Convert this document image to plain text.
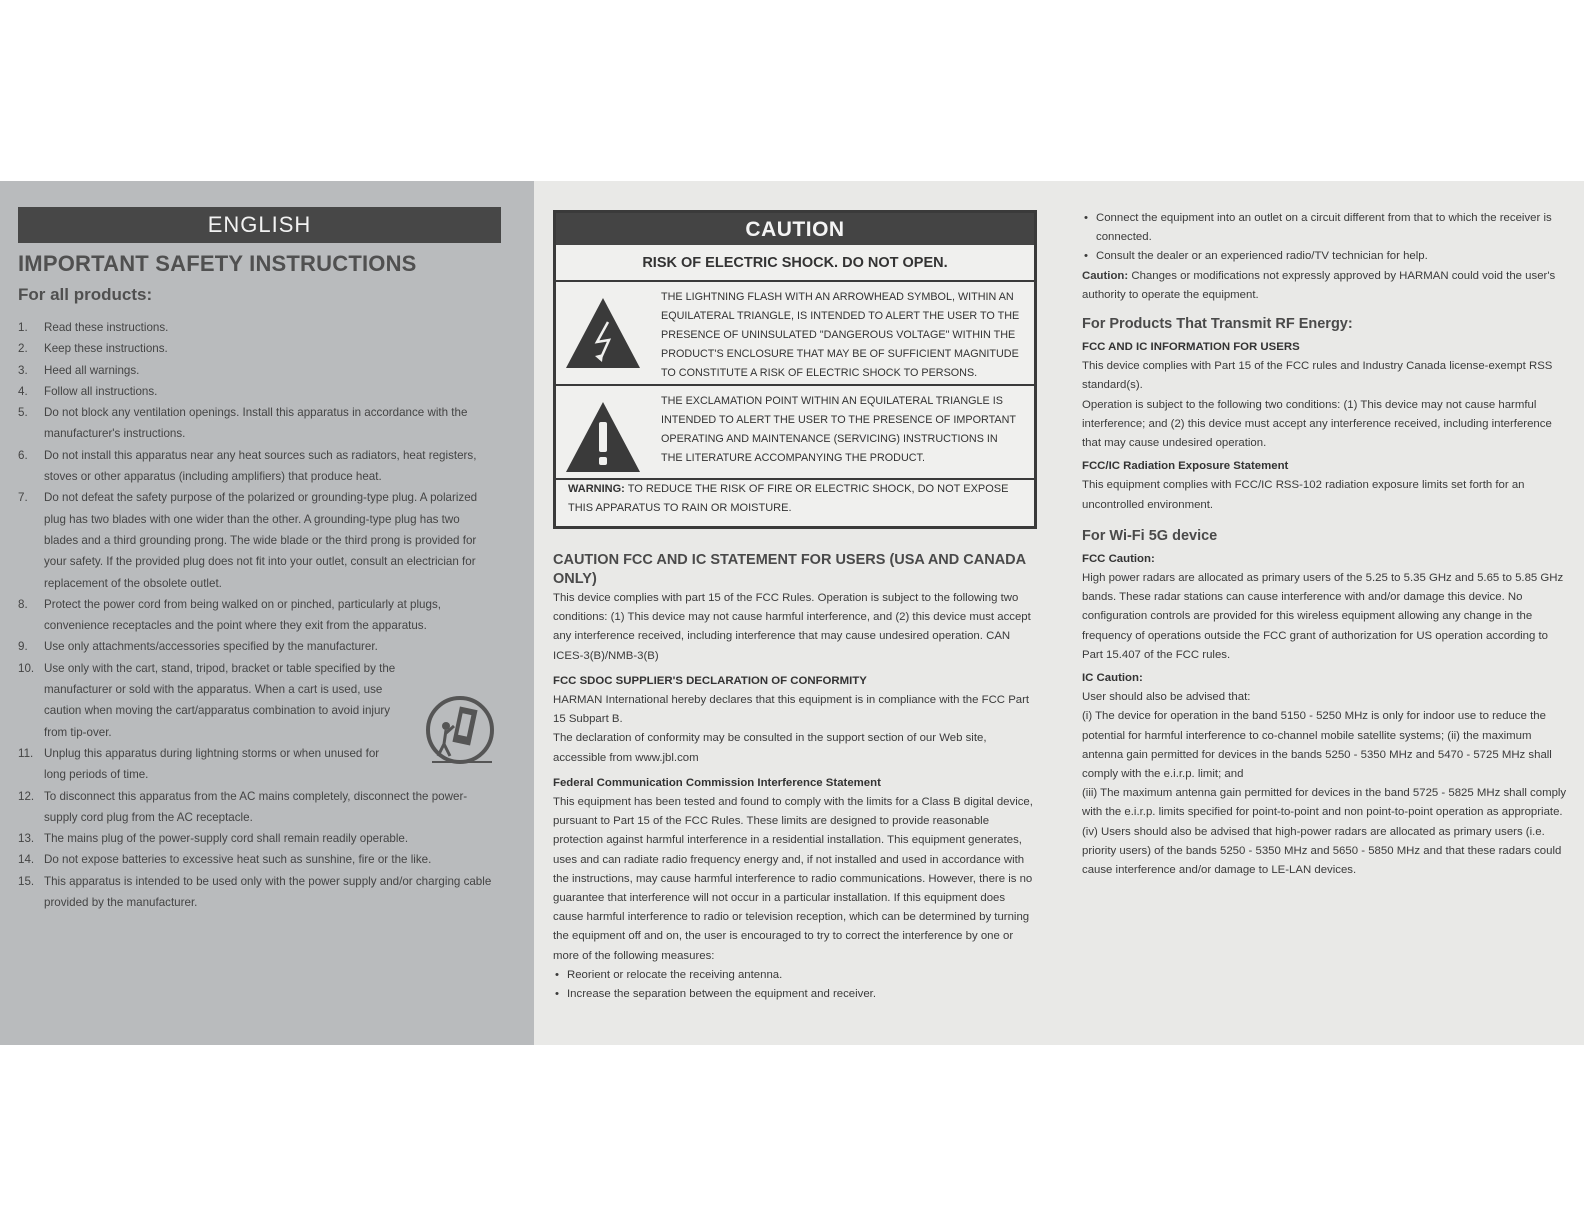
ENGLISH
IMPORTANT SAFETY INSTRUCTIONS
For all products:
1. Read these instructions.
2. Keep these instructions.
3. Heed all warnings.
4. Follow all instructions.
5. Do not block any ventilation openings. Install this apparatus in accordance with the manufacturer's instructions.
6. Do not install this apparatus near any heat sources such as radiators, heat registers, stoves or other apparatus (including amplifiers) that produce heat.
7. Do not defeat the safety purpose of the polarized or grounding-type plug. A polarized plug has two blades with one wider than the other. A grounding-type plug has two blades and a third grounding prong. The wide blade or the third prong is provided for your safety. If the provided plug does not fit into your outlet, consult an electrician for replacement of the obsolete outlet.
8. Protect the power cord from being walked on or pinched, particularly at plugs, convenience receptacles and the point where they exit from the apparatus.
9. Use only attachments/accessories specified by the manufacturer.
10. Use only with the cart, stand, tripod, bracket or table specified by the manufacturer or sold with the apparatus. When a cart is used, use caution when moving the cart/apparatus combination to avoid injury from tip-over.
11. Unplug this apparatus during lightning storms or when unused for long periods of time.
12. To disconnect this apparatus from the AC mains completely, disconnect the power-supply cord plug from the AC receptacle.
13. The mains plug of the power-supply cord shall remain readily operable.
14. Do not expose batteries to excessive heat such as sunshine, fire or the like.
15. This apparatus is intended to be used only with the power supply and/or charging cable provided by the manufacturer.
CAUTION
RISK OF ELECTRIC SHOCK. DO NOT OPEN.
THE LIGHTNING FLASH WITH AN ARROWHEAD SYMBOL, WITHIN AN EQUILATERAL TRIANGLE, IS INTENDED TO ALERT THE USER TO THE PRESENCE OF UNINSULATED "DANGEROUS VOLTAGE" WITHIN THE PRODUCT'S ENCLOSURE THAT MAY BE OF SUFFICIENT MAGNITUDE TO CONSTITUTE A RISK OF ELECTRIC SHOCK TO PERSONS.
THE EXCLAMATION POINT WITHIN AN EQUILATERAL TRIANGLE IS INTENDED TO ALERT THE USER TO THE PRESENCE OF IMPORTANT OPERATING AND MAINTENANCE (SERVICING) INSTRUCTIONS IN THE LITERATURE ACCOMPANYING THE PRODUCT.
WARNING: TO REDUCE THE RISK OF FIRE OR ELECTRIC SHOCK, DO NOT EXPOSE THIS APPARATUS TO RAIN OR MOISTURE.

CAUTION FCC AND IC STATEMENT FOR USERS (USA AND CANADA ONLY)

This device complies with part 15 of the FCC Rules. Operation is subject to the following two conditions: (1) This device may not cause harmful interference, and (2) this device must accept any interference received, including interference that may cause undesired operation. CAN ICES-3(B)/NMB-3(B)

FCC SDOC SUPPLIER'S DECLARATION OF CONFORMITY

HARMAN International hereby declares that this equipment is in compliance with the FCC Part 15 Subpart B.

The declaration of conformity may be consulted in the support section of our Web site, accessible from www.jbl.com

Federal Communication Commission Interference Statement

This equipment has been tested and found to comply with the limits for a Class B digital device, pursuant to Part 15 of the FCC Rules. These limits are designed to provide reasonable protection against harmful interference in a residential installation. This equipment generates, uses and can radiate radio frequency energy and, if not installed and used in accordance with the instructions, may cause harmful interference to radio communications. However, there is no guarantee that interference will not occur in a particular installation. If this equipment does cause harmful interference to radio or television reception, which can be determined by turning the equipment off and on, the user is encouraged to try to correct the interference by one or more of the following measures:

• Reorient or relocate the receiving antenna.

• Increase the separation between the equipment and receiver.

• Connect the equipment into an outlet on a circuit different from that to which the receiver is connected.

• Consult the dealer or an experienced radio/TV technician for help.

Caution: Changes or modifications not expressly approved by HARMAN could void the user's authority to operate the equipment.

For Products That Transmit RF Energy:

FCC AND IC INFORMATION FOR USERS

This device complies with Part 15 of the FCC rules and Industry Canada license-exempt RSS standard(s).

Operation is subject to the following two conditions: (1) This device may not cause harmful interference; and (2) this device must accept any interference received, including interference that may cause undesired operation.

FCC/IC Radiation Exposure Statement

This equipment complies with FCC/IC RSS-102 radiation exposure limits set forth for an uncontrolled environment.

For Wi-Fi 5G device

FCC Caution:

High power radars are allocated as primary users of the 5.25 to 5.35 GHz and 5.65 to 5.85 GHz bands. These radar stations can cause interference with and/or damage this device. No configuration controls are provided for this wireless equipment allowing any change in the frequency of operations outside the FCC grant of authorization for US operation according to Part 15.407 of the FCC rules.

IC Caution:

User should also be advised that:

(i) The device for operation in the band 5150 - 5250 MHz is only for indoor use to reduce the potential for harmful interference to co-channel mobile satellite systems; (ii) the maximum antenna gain permitted for devices in the bands 5250 - 5350 MHz and 5470 - 5725 MHz shall comply with the e.i.r.p. limit; and

(iii) The maximum antenna gain permitted for devices in the band 5725 - 5825 MHz shall comply with the e.i.r.p. limits specified for point-to-point and non point-to-point operation as appropriate.

(iv) Users should also be advised that high-power radars are allocated as primary users (i.e. priority users) of the bands 5250 - 5350 MHz and 5650 - 5850 MHz and that these radars could cause interference and/or damage to LE-LAN devices.
